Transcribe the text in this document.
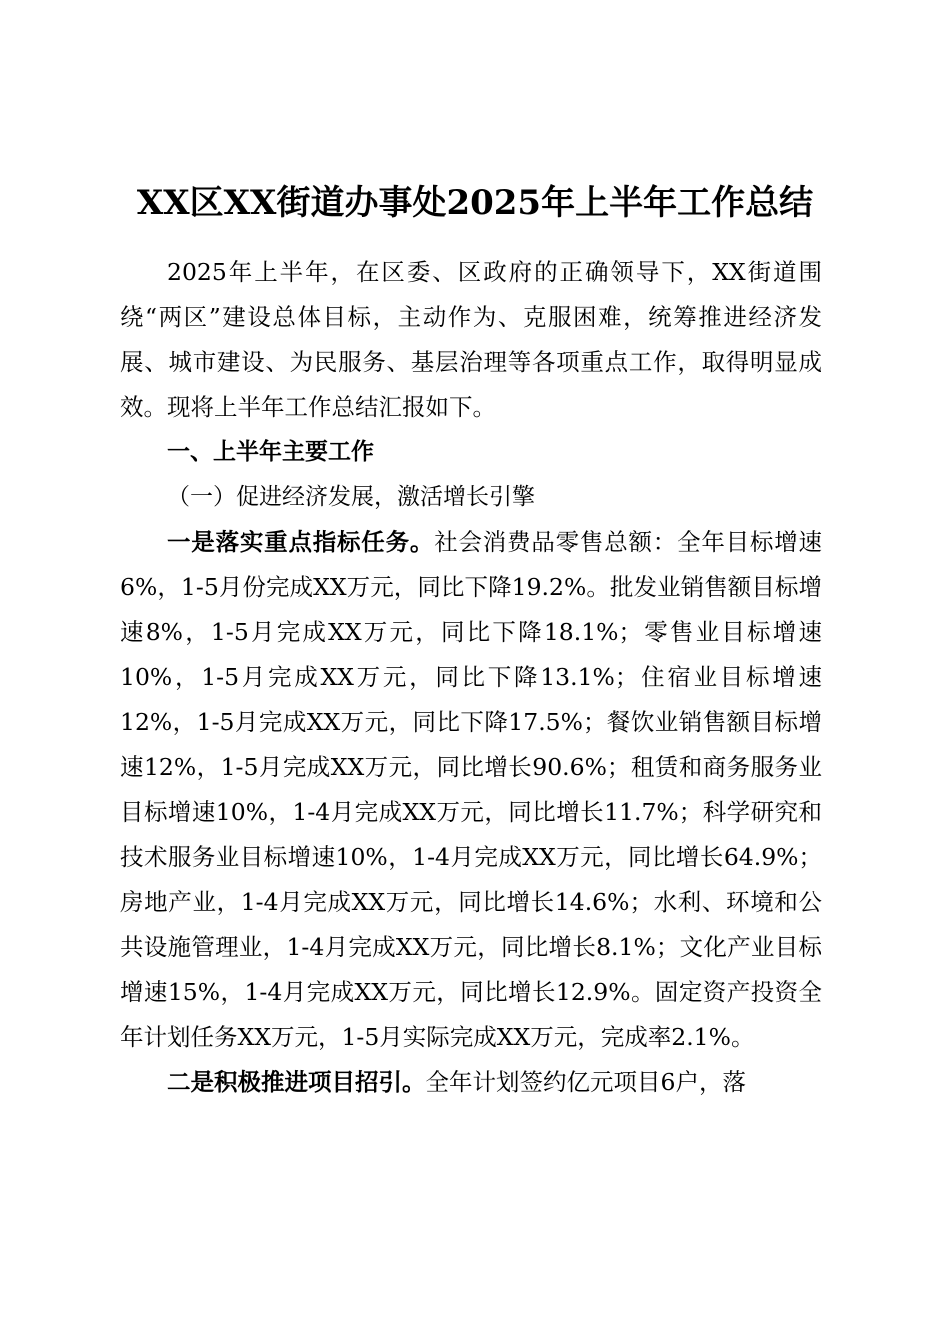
XX区XX街道办事处2025年上半年工作总结

2025年上半年，在区委、区政府的正确领导下，XX街道围绕“两区”建设总体目标，主动作为、克服困难，统筹推进经济发展、城市建设、为民服务、基层治理等各项重点工作，取得明显成效。现将上半年工作总结汇报如下。

一、上半年主要工作

（一）促进经济发展，激活增长引擎

一是落实重点指标任务。社会消费品零售总额：全年目标增速6%，1-5月份完成XX万元，同比下降19.2%。批发业销售额目标增速8%，1-5月完成XX万元，同比下降18.1%；零售业目标增速10%，1-5月完成XX万元，同比下降13.1%；住宿业目标增速12%，1-5月完成XX万元，同比下降17.5%；餐饮业销售额目标增速12%，1-5月完成XX万元，同比增长90.6%；租赁和商务服务业目标增速10%，1-4月完成XX万元，同比增长11.7%；科学研究和技术服务业目标增速10%，1-4月完成XX万元，同比增长64.9%；房地产业，1-4月完成XX万元，同比增长14.6%；水利、环境和公共设施管理业，1-4月完成XX万元，同比增长8.1%；文化产业目标增速15%，1-4月完成XX万元，同比增长12.9%。固定资产投资全年计划任务XX万元，1-5月实际完成XX万元，完成率2.1%。

二是积极推进项目招引。全年计划签约亿元项目6户，落
